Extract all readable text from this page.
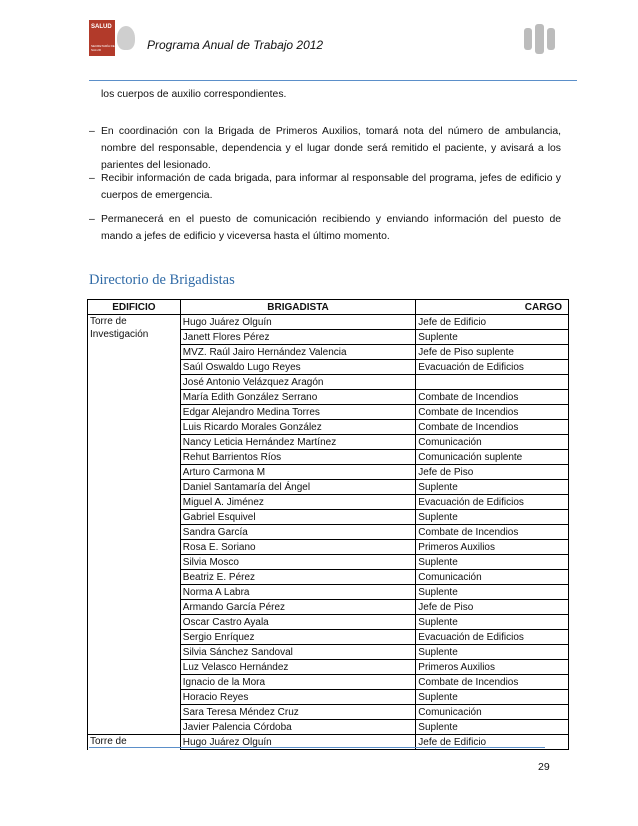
SALUD
SECRETARÍA DE SALUD	Programa Anual de Trabajo 2012
los cuerpos de auxilio correspondientes.
– En coordinación con la Brigada de Primeros Auxilios, tomará nota del número de ambulancia, nombre del responsable, dependencia y el lugar donde será remitido el paciente, y avisará a los parientes del lesionado.
– Recibir información de cada brigada, para informar al responsable del programa, jefes de edificio y cuerpos de emergencia.
– Permanecerá en el puesto de comunicación recibiendo y enviando información del puesto de mando a jefes de edificio y viceversa hasta el último momento.
Directorio de Brigadistas
EDIFICIO	BRIGADISTA	CARGO
Torre de Investigación	Hugo Juárez Olguín	Jefe de Edificio
	Janett Flores Pérez	Suplente
	MVZ. Raúl Jairo Hernández Valencia	Jefe de Piso suplente
	Saúl Oswaldo Lugo Reyes	Evacuación de Edificios
	José Antonio Velázquez Aragón	
	María Edith González Serrano	Combate de Incendios
	Edgar Alejandro Medina Torres	Combate de Incendios
	Luis Ricardo Morales González	Combate de Incendios
	Nancy Leticia Hernández Martínez	Comunicación
	Rehut Barrientos Ríos	Comunicación suplente
	Arturo Carmona M	Jefe de Piso
	Daniel Santamaría del Ángel	Suplente
	Miguel A. Jiménez	Evacuación de Edificios
	Gabriel Esquivel	Suplente
	Sandra García	Combate de Incendios
	Rosa E. Soriano	Primeros Auxilios
	Silvia Mosco	Suplente
	Beatriz E. Pérez	Comunicación
	Norma A Labra	Suplente
	Armando García Pérez	Jefe de Piso
	Oscar Castro Ayala	Suplente
	Sergio Enríquez	Evacuación de Edificios
	Silvia Sánchez Sandoval	Suplente
	Luz Velasco Hernández	Primeros Auxilios
	Ignacio de la Mora	Combate de Incendios
	Horacio Reyes	Suplente
	Sara Teresa Méndez Cruz	Comunicación
	Javier Palencia Córdoba	Suplente
Torre de	Hugo Juárez Olguín	Jefe de Edificio
29
